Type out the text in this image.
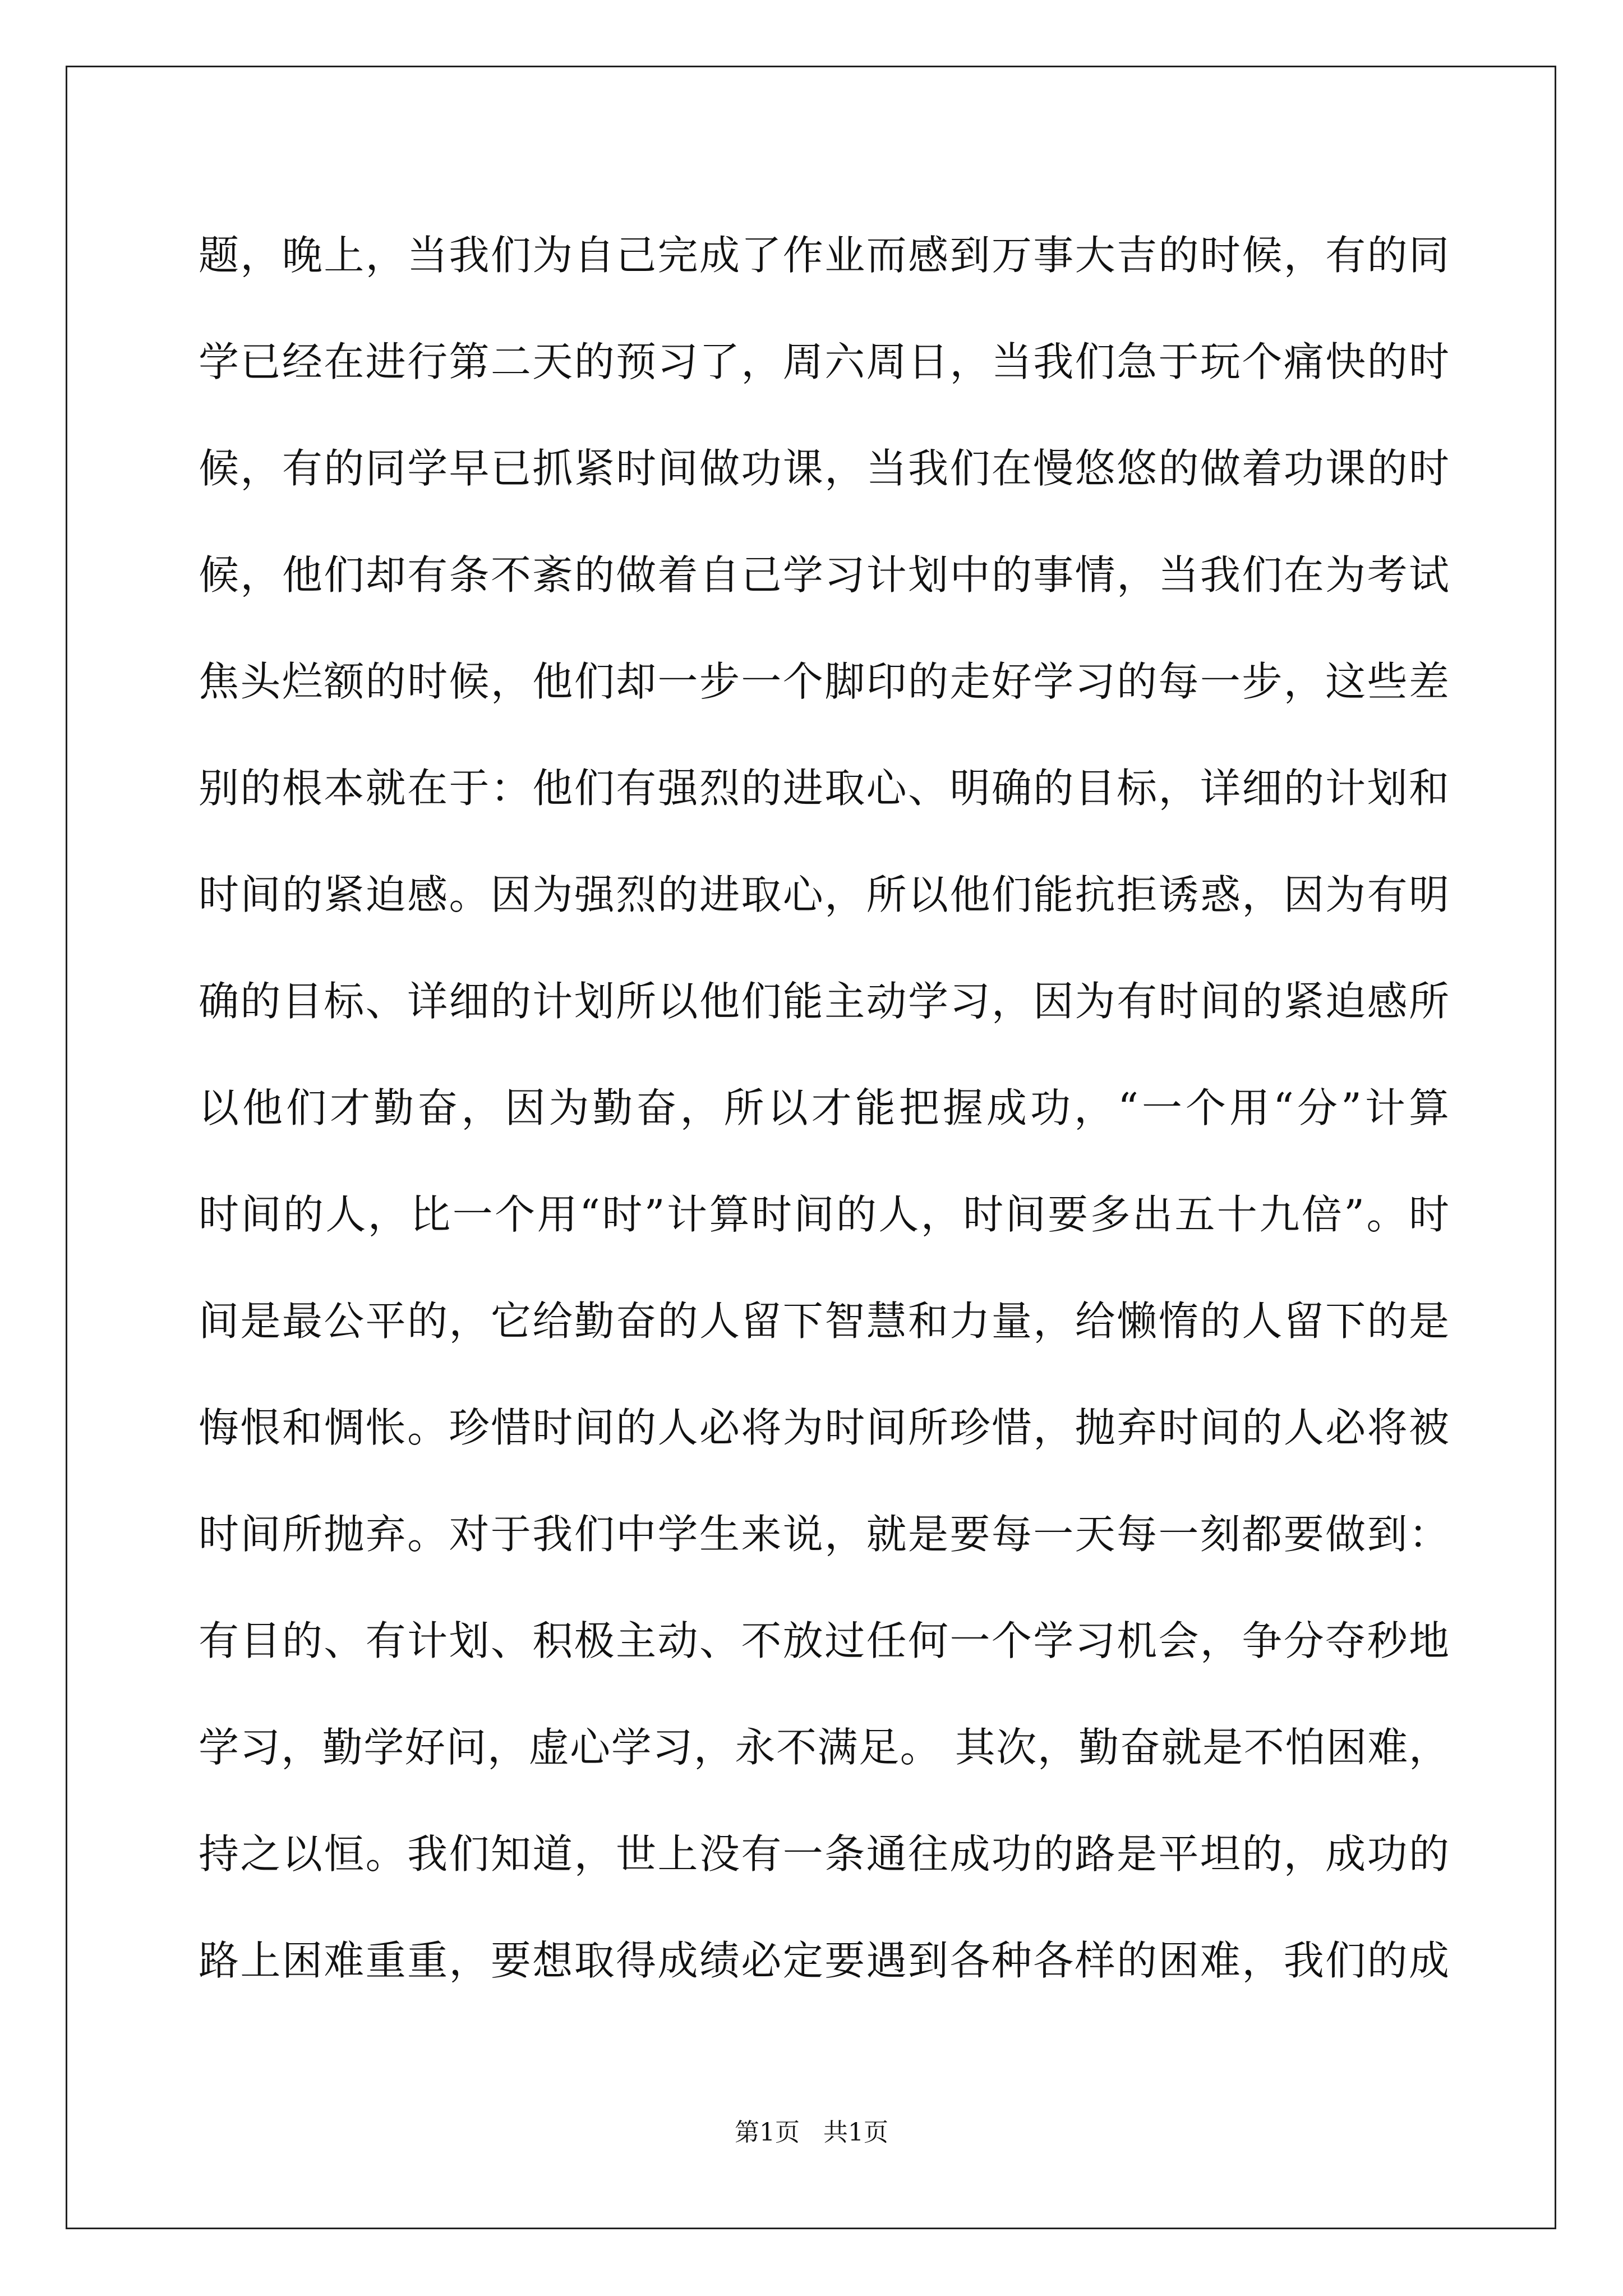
题，晚上，当我们为自己完成了作业而感到万事大吉的时候，有的同
学已经在进行第二天的预习了，周六周日，当我们急于玩个痛快的时
候，有的同学早已抓紧时间做功课，当我们在慢悠悠的做着功课的时
候，他们却有条不紊的做着自己学习计划中的事情，当我们在为考试
焦头烂额的时候，他们却一步一个脚印的走好学习的每一步，这些差
别的根本就在于：他们有强烈的进取心、明确的目标，详细的计划和
时间的紧迫感。因为强烈的进取心，所以他们能抗拒诱惑，因为有明
确的目标、详细的计划所以他们能主动学习，因为有时间的紧迫感所
以他们才勤奋，因为勤奋，所以才能把握成功，“一个用“分”计算
时间的人，比一个用“时”计算时间的人，时间要多出五十九倍”。时
间是最公平的，它给勤奋的人留下智慧和力量，给懒惰的人留下的是
悔恨和惆怅。珍惜时间的人必将为时间所珍惜，抛弃时间的人必将被
时间所抛弃。对于我们中学生来说，就是要每一天每一刻都要做到：
有目的、有计划、积极主动、不放过任何一个学习机会，争分夺秒地
学习，勤学好问，虚心学习，永不满足。 其次，勤奋就是不怕困难，
持之以恒。我们知道，世上没有一条通往成功的路是平坦的，成功的
路上困难重重，要想取得成绩必定要遇到各种各样的困难，我们的成
第1页   共1页
